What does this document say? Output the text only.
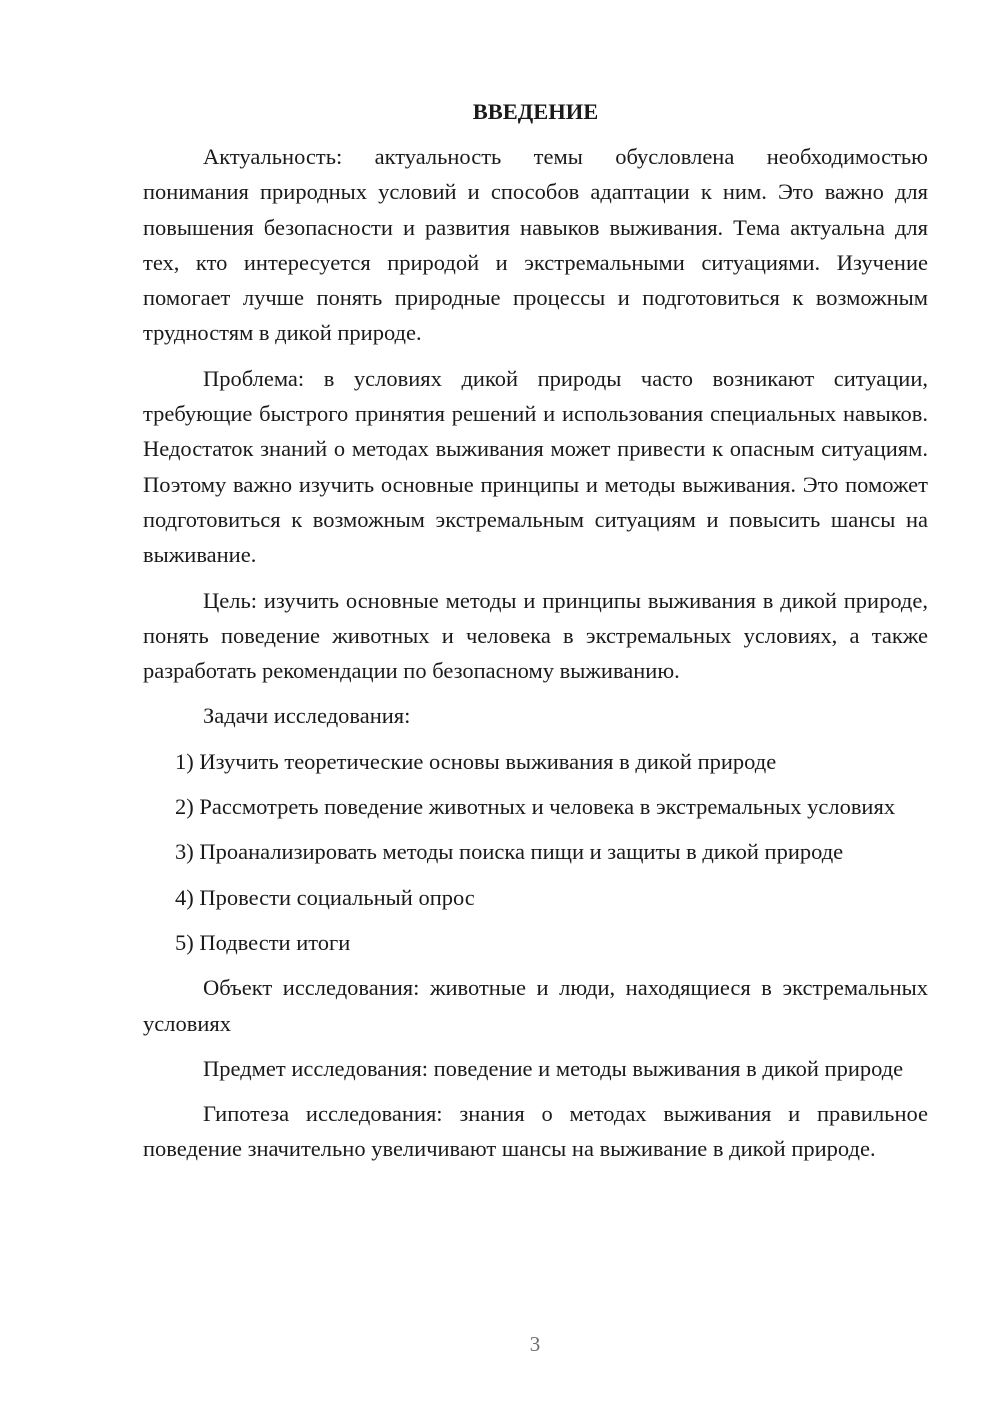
ВВЕДЕНИЕ

Актуальность: актуальность темы обусловлена необходимостью понимания природных условий и способов адаптации к ним. Это важно для повышения безопасности и развития навыков выживания. Тема актуальна для тех, кто интересуется природой и экстремальными ситуациями. Изучение помогает лучше понять природные процессы и подготовиться к возможным трудностям в дикой природе.

Проблема: в условиях дикой природы часто возникают ситуации, требующие быстрого принятия решений и использования специальных навыков. Недостаток знаний о методах выживания может привести к опасным ситуациям. Поэтому важно изучить основные принципы и методы выживания. Это поможет подготовиться к возможным экстремальным ситуациям и повысить шансы на выживание.

Цель: изучить основные методы и принципы выживания в дикой природе, понять поведение животных и человека в экстремальных условиях, а также разработать рекомендации по безопасному выживанию.

Задачи исследования:

1) Изучить теоретические основы выживания в дикой природе

2) Рассмотреть поведение животных и человека в экстремальных условиях

3) Проанализировать методы поиска пищи и защиты в дикой природе

4) Провести социальный опрос

5) Подвести итоги

Объект исследования: животные и люди, находящиеся в экстремальных условиях

Предмет исследования: поведение и методы выживания в дикой природе

Гипотеза исследования: знания о методах выживания и правильное поведение значительно увеличивают шансы на выживание в дикой природе.

3
